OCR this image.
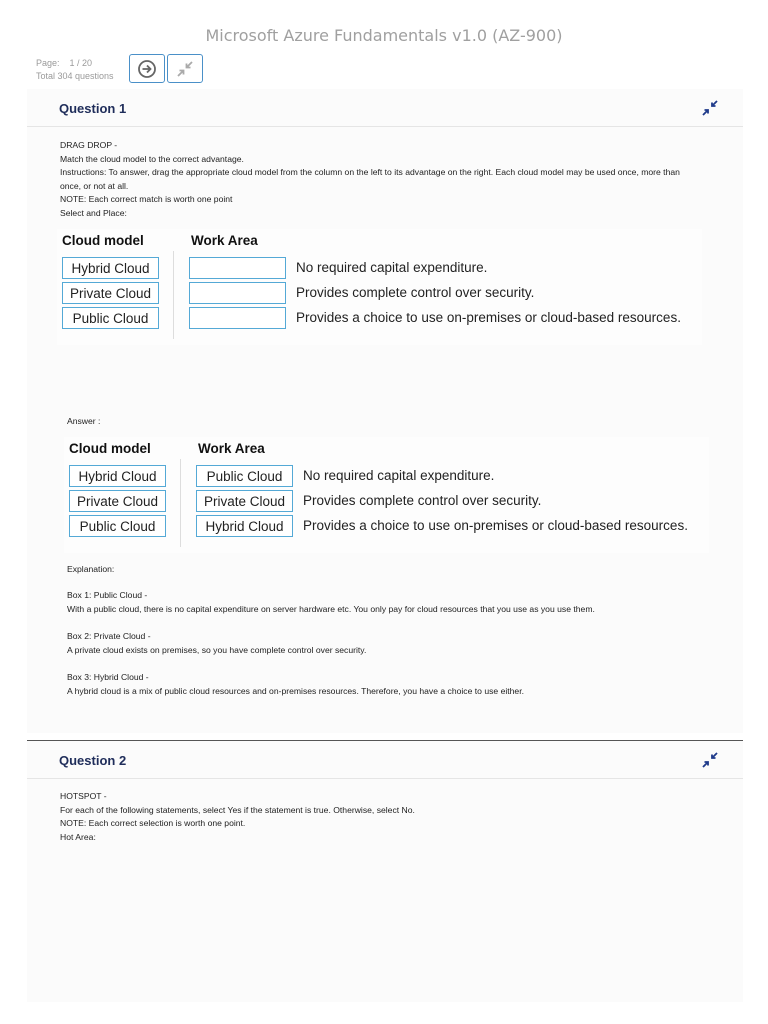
Microsoft Azure Fundamentals v1.0 (AZ-900)
Page: 1 / 20
Total 304 questions
Question 1
DRAG DROP -
Match the cloud model to the correct advantage.
Instructions: To answer, drag the appropriate cloud model from the column on the left to its advantage on the right. Each cloud model may be used once, more than once, or not at all.
NOTE: Each correct match is worth one point
Select and Place:
Cloud model	Work Area
Hybrid Cloud
Private Cloud
Public Cloud
No required capital expenditure.
Provides complete control over security.
Provides a choice to use on-premises or cloud-based resources.
Answer :
Cloud model	Work Area
Hybrid Cloud
Private Cloud
Public Cloud
Public Cloud
Private Cloud
Hybrid Cloud
No required capital expenditure.
Provides complete control over security.
Provides a choice to use on-premises or cloud-based resources.
Explanation:
Box 1: Public Cloud -
With a public cloud, there is no capital expenditure on server hardware etc. You only pay for cloud resources that you use as you use them.
Box 2: Private Cloud -
A private cloud exists on premises, so you have complete control over security.
Box 3: Hybrid Cloud -
A hybrid cloud is a mix of public cloud resources and on-premises resources. Therefore, you have a choice to use either.
Question 2
HOTSPOT -
For each of the following statements, select Yes if the statement is true. Otherwise, select No.
NOTE: Each correct selection is worth one point.
Hot Area:
